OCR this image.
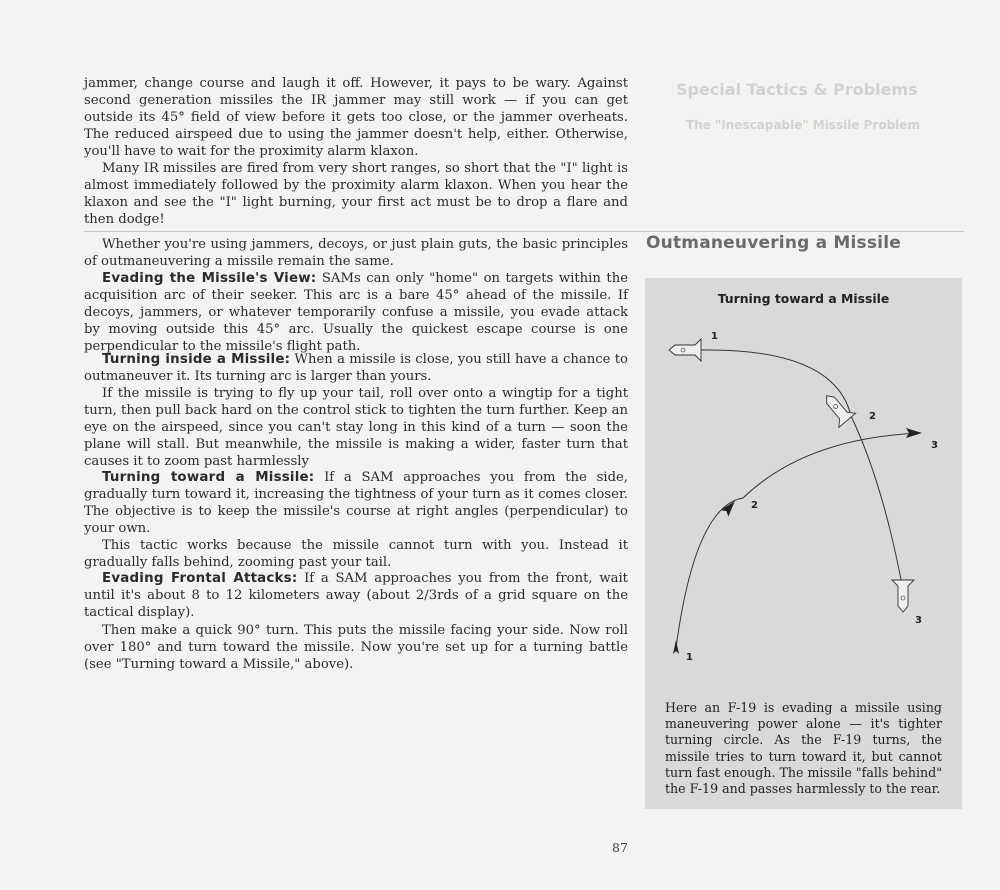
Special Tactics & Problems
The "Inescapable" Missile Problem

jammer, change course and laugh it off. However, it pays to be wary. Against second generation missiles the IR jammer may still work — if you can get outside its 45° field of view before it gets too close, or the jammer overheats. The reduced airspeed due to using the jammer doesn't help, either. Otherwise, you'll have to wait for the proximity alarm klaxon.

Many IR missiles are fired from very short ranges, so short that the "I" light is almost immediately followed by the proximity alarm klaxon. When you hear the klaxon and see the "I" light burning, your first act must be to drop a flare and then dodge!

Whether you're using jammers, decoys, or just plain guts, the basic principles of outmaneuvering a missile remain the same.

Evading the Missile's View: SAMs can only "home" on targets within the acquisition arc of their seeker. This arc is a bare 45° ahead of the missile. If decoys, jammers, or whatever temporarily confuse a missile, you evade attack by moving outside this 45° arc. Usually the quickest escape course is one perpendicular to the missile's flight path.

Turning inside a Missile: When a missile is close, you still have a chance to outmaneuver it. Its turning arc is larger than yours.

If the missile is trying to fly up your tail, roll over onto a wingtip for a tight turn, then pull back hard on the control stick to tighten the turn further. Keep an eye on the airspeed, since you can't stay long in this kind of a turn — soon the plane will stall. But meanwhile, the missile is making a wider, faster turn that causes it to zoom past harmlessly

Turning toward a Missile: If a SAM approaches you from the side, gradually turn toward it, increasing the tightness of your turn as it comes closer. The objective is to keep the missile's course at right angles (perpendicular) to your own.

This tactic works because the missile cannot turn with you. Instead it gradually falls behind, zooming past your tail.

Evading Frontal Attacks: If a SAM approaches you from the front, wait until it's about 8 to 12 kilometers away (about 2/3rds of a grid square on the tactical display).

Then make a quick 90° turn. This puts the missile facing your side. Now roll over 180° and turn toward the missile. Now you're set up for a turning battle (see "Turning toward a Missile," above).

Outmaneuvering a Missile
Turning toward a Missile
1
2
3
2
3
1

Here an F-19 is evading a missile using maneuvering power alone — it's tighter turning circle. As the F-19 turns, the missile tries to turn toward it, but cannot turn fast enough. The missile "falls behind" the F-19 and passes harmlessly to the rear.

87
